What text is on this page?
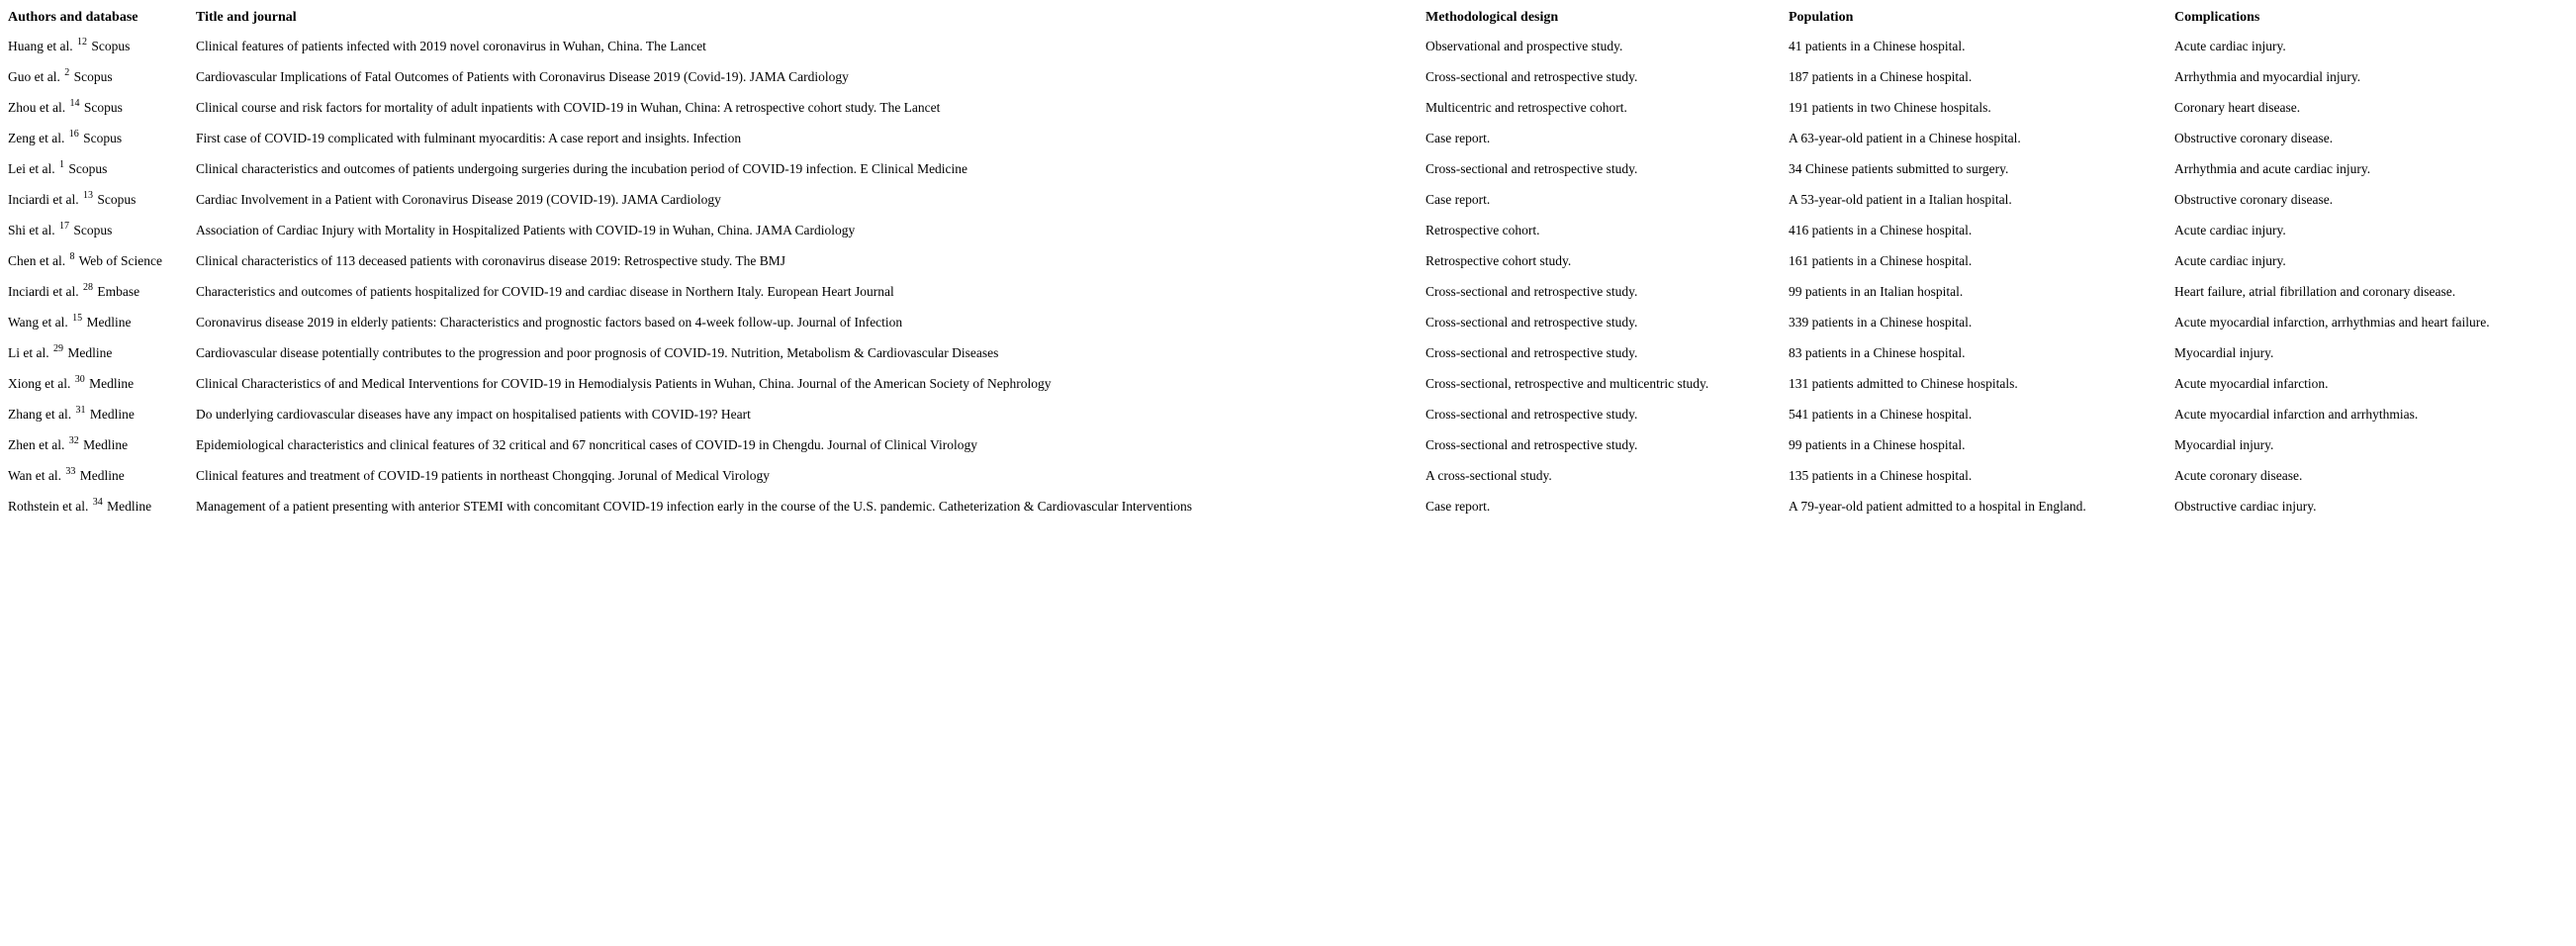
Authors and database	Title and journal	Methodological design	Population	Complications
Huang et al. $^{12}$ Scopus	Clinical features of patients infected with 2019 novel coronavirus in Wuhan, China. The Lancet	Observational and prospective study.	41 patients in a Chinese hospital.	Acute cardiac injury.
Guo et al. $^2$ Scopus	Cardiovascular Implications of Fatal Outcomes of Patients with Coronavirus Disease 2019 (Covid-19). JAMA Cardiology	Cross-sectional and retrospective study.	187 patients in a Chinese hospital.	Arrhythmia and myocardial injury.
Zhou et al. $^{14}$ Scopus	Clinical course and risk factors for mortality of adult inpatients with COVID-19 in Wuhan, China: A retrospective cohort study. The Lancet	Multicentric and retrospective cohort.	191 patients in two Chinese hospitals.	Coronary heart disease.
Zeng et al. $^{16}$ Scopus	First case of COVID-19 complicated with fulminant myocarditis: A case report and insights. Infection	Case report.	A 63-year-old patient in a Chinese hospital.	Obstructive coronary disease.
Lei et al. $^1$ Scopus	Clinical characteristics and outcomes of patients undergoing surgeries during the incubation period of COVID-19 infection. E Clinical Medicine	Cross-sectional and retrospective study.	34 Chinese patients submitted to surgery.	Arrhythmia and acute cardiac injury.
Inciardi et al. $^{13}$ Scopus	Cardiac Involvement in a Patient with Coronavirus Disease 2019 (COVID-19). JAMA Cardiology	Case report.	A 53-year-old patient in a Italian hospital.	Obstructive coronary disease.
Shi et al. $^{17}$ Scopus	Association of Cardiac Injury with Mortality in Hospitalized Patients with COVID-19 in Wuhan, China. JAMA Cardiology	Retrospective cohort.	416 patients in a Chinese hospital.	Acute cardiac injury.
Chen et al. $^8$ Web of Science	Clinical characteristics of 113 deceased patients with coronavirus disease 2019: Retrospective study. The BMJ	Retrospective cohort study.	161 patients in a Chinese hospital.	Acute cardiac injury.
Inciardi et al. $^{28}$ Embase	Characteristics and outcomes of patients hospitalized for COVID-19 and cardiac disease in Northern Italy. European Heart Journal	Cross-sectional and retrospective study.	99 patients in an Italian hospital.	Heart failure, atrial fibrillation and coronary disease.
Wang et al. $^{15}$ Medline	Coronavirus disease 2019 in elderly patients: Characteristics and prognostic factors based on 4-week follow-up. Journal of Infection	Cross-sectional and retrospective study.	339 patients in a Chinese hospital.	Acute myocardial infarction, arrhythmias and heart failure.
Li et al. $^{29}$ Medline	Cardiovascular disease potentially contributes to the progression and poor prognosis of COVID-19. Nutrition, Metabolism & Cardiovascular Diseases	Cross-sectional and retrospective study.	83 patients in a Chinese hospital.	Myocardial injury.
Xiong et al. $^{30}$ Medline	Clinical Characteristics of and Medical Interventions for COVID-19 in Hemodialysis Patients in Wuhan, China. Journal of the American Society of Nephrology	Cross-sectional, retrospective and multicentric study.	131 patients admitted to Chinese hospitals.	Acute myocardial infarction.
Zhang et al. $^{31}$ Medline	Do underlying cardiovascular diseases have any impact on hospitalised patients with COVID-19? Heart	Cross-sectional and retrospective study.	541 patients in a Chinese hospital.	Acute myocardial infarction and arrhythmias.
Zhen et al. $^{32}$ Medline	Epidemiological characteristics and clinical features of 32 critical and 67 noncritical cases of COVID-19 in Chengdu. Journal of Clinical Virology	Cross-sectional and retrospective study.	99 patients in a Chinese hospital.	Myocardial injury.
Wan et al. $^{33}$ Medline	Clinical features and treatment of COVID-19 patients in northeast Chongqing. Jorunal of Medical Virology	A cross-sectional study.	135 patients in a Chinese hospital.	Acute coronary disease.
Rothstein et al. $^{34}$ Medline	Management of a patient presenting with anterior STEMI with concomitant COVID-19 infection early in the course of the U.S. pandemic. Catheterization & Cardiovascular Interventions	Case report.	A 79-year-old patient admitted to a hospital in England.	Obstructive cardiac injury.
